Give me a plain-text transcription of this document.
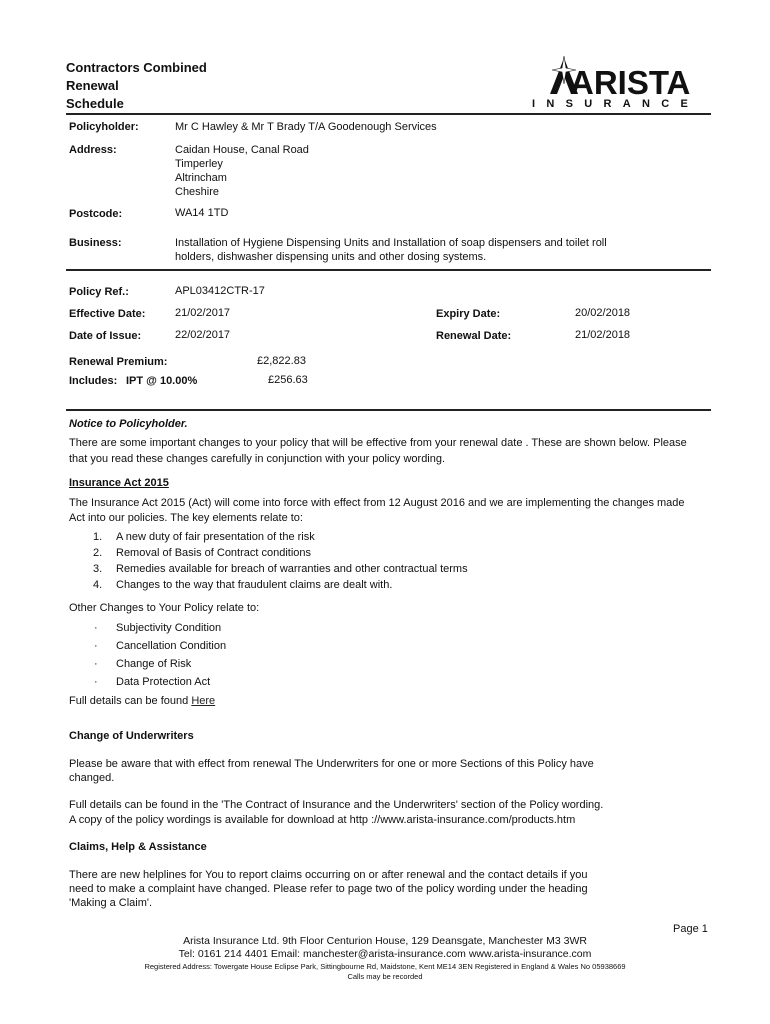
Contractors Combined
Renewal
Schedule
ARISTA
INSURANCE
Policyholder:	Mr C Hawley & Mr T Brady T/A Goodenough Services
Address:	Caidan House, Canal Road
Timperley
Altrincham
Cheshire
Postcode:	WA14 1TD
Business:	Installation of Hygiene Dispensing Units and Installation of soap dispensers and toilet roll
holders, dishwasher dispensing units and other dosing systems.
Policy Ref.:	APL03412CTR-17
Effective Date:	21/02/2017	Expiry Date:	20/02/2018
Date of Issue:	22/02/2017	Renewal Date:	21/02/2018
Renewal Premium:	£2,822.83
Includes: IPT @ 10.00%	£256.63
Notice to Policyholder.
There are some important changes to your policy that will be effective from your renewal date . These are shown below. Please
that you read these changes carefully in conjunction with your policy wording.
Insurance Act 2015
The Insurance Act 2015 (Act) will come into force with effect from 12 August 2016 and we are implementing the changes made
Act into our policies. The key elements relate to:
1. A new duty of fair presentation of the risk
2. Removal of Basis of Contract conditions
3. Remedies available for breach of warranties and other contractual terms
4. Changes to the way that fraudulent claims are dealt with.
Other Changes to Your Policy relate to:
· Subjectivity Condition
· Cancellation Condition
· Change of Risk
· Data Protection Act
Full details can be found Here
Change of Underwriters
Please be aware that with effect from renewal The Underwriters for one or more Sections of this Policy have
changed.
Full details can be found in the 'The Contract of Insurance and the Underwriters' section of the Policy wording.
A copy of the policy wordings is available for download at http ://www.arista-insurance.com/products.htm
Claims, Help & Assistance
There are new helplines for You to report claims occurring on or after renewal and the contact details if you
need to make a complaint have changed. Please refer to page two of the policy wording under the heading
'Making a Claim'.
Page 1
Arista Insurance Ltd. 9th Floor Centurion House, 129 Deansgate, Manchester M3 3WR
Tel: 0161 214 4401 Email: manchester@arista-insurance.com www.arista-insurance.com
Registered Address: Towergate House Eclipse Park, Sittingbourne Rd, Maidstone, Kent ME14 3EN Registered in England & Wales No 05938669
Calls may be recorded
